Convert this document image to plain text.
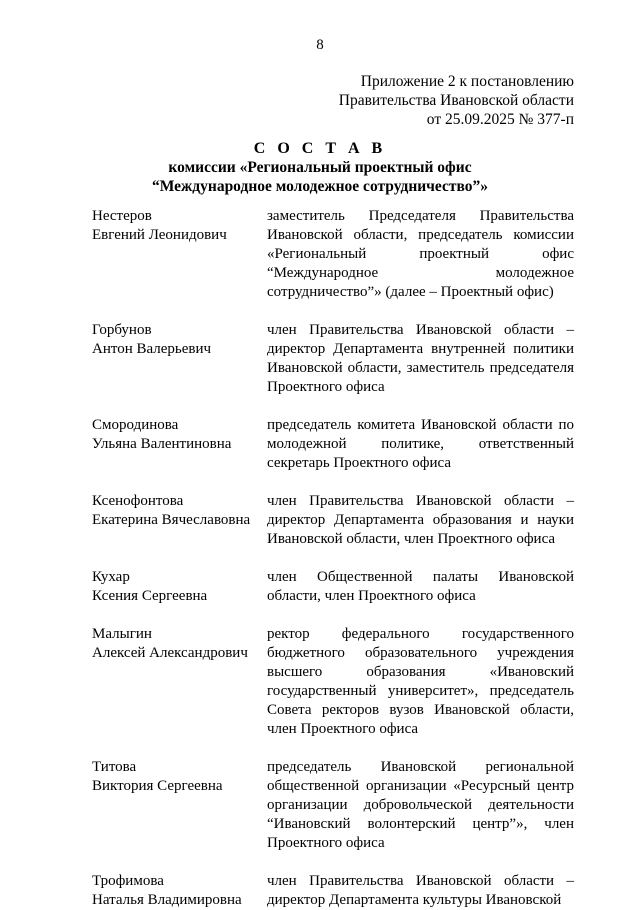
8
Приложение 2 к постановлению
Правительства Ивановской области
от 25.09.2025 № 377-п
С О С Т А В
комиссии «Региональный проектный офис
“Международное молодежное сотрудничество”»
Нестеров
Евгений Леонидович
заместитель Председателя Правительства Ивановской области, председатель комиссии «Региональный проектный офис “Международное молодежное сотрудничество”» (далее – Проектный офис)
Горбунов
Антон Валерьевич
член Правительства Ивановской области – директор Департамента внутренней политики Ивановской области, заместитель председателя Проектного офиса
Смородинова
Ульяна Валентиновна
председатель комитета Ивановской области по молодежной политике, ответственный секретарь Проектного офиса
Ксенофонтова
Екатерина Вячеславовна
член Правительства Ивановской области – директор Департамента образования и науки Ивановской области, член Проектного офиса
Кухар
Ксения Сергеевна
член Общественной палаты Ивановской области, член Проектного офиса
Малыгин
Алексей Александрович
ректор федерального государственного бюджетного образовательного учреждения высшего образования «Ивановский государственный университет», председатель Совета ректоров вузов Ивановской области, член Проектного офиса
Титова
Виктория Сергеевна
председатель Ивановской региональной общественной организации «Ресурсный центр организации добровольческой деятельности “Ивановский волонтерский центр”», член Проектного офиса
Трофимова
Наталья Владимировна
член Правительства Ивановской области – директор Департамента культуры Ивановской
